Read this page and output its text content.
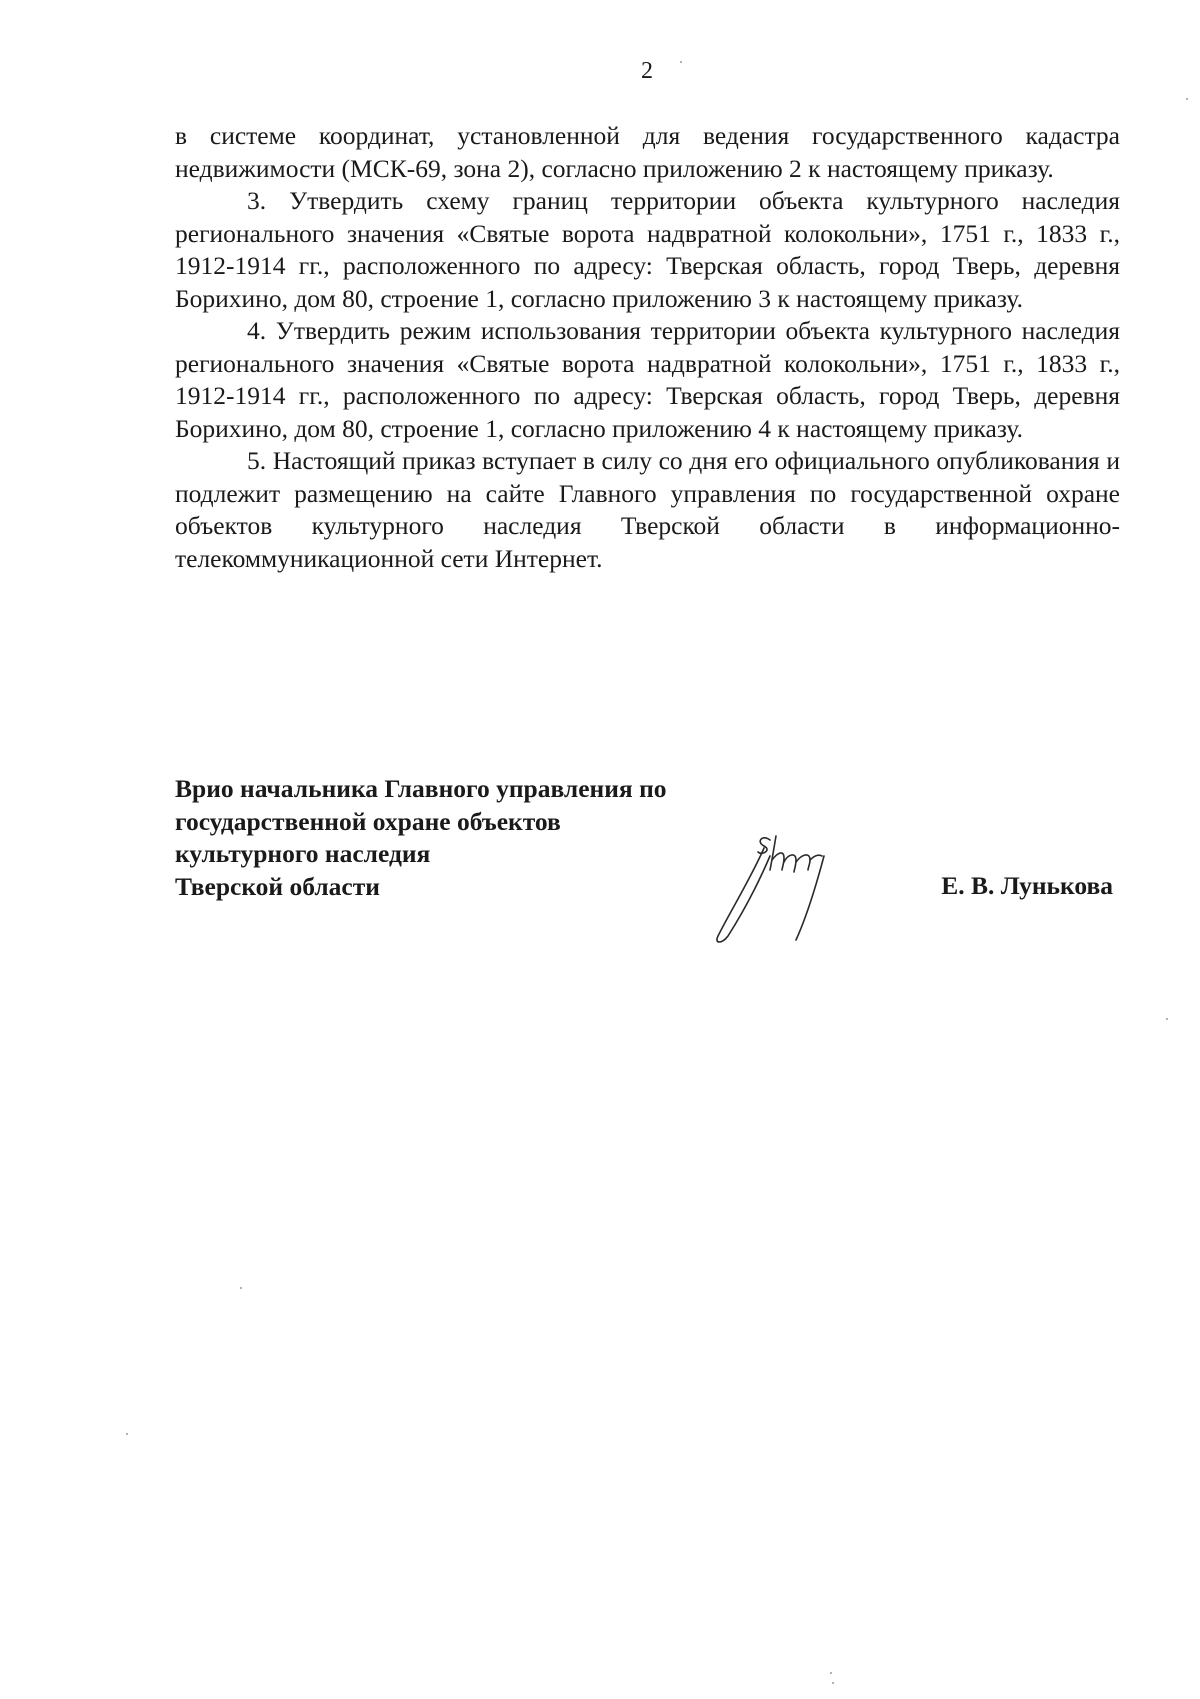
2

в системе координат, установленной для ведения государственного кадастра недвижимости (МСК-69, зона 2), согласно приложению 2 к настоящему приказу.

3. Утвердить схему границ территории объекта культурного наследия регионального значения «Святые ворота надвратной колокольни», 1751 г., 1833 г., 1912-1914 гг., расположенного по адресу: Тверская область, город Тверь, деревня Борихино, дом 80, строение 1, согласно приложению 3 к настоящему приказу.

4. Утвердить режим использования территории объекта культурного наследия регионального значения «Святые ворота надвратной колокольни», 1751 г., 1833 г., 1912-1914 гг., расположенного по адресу: Тверская область, город Тверь, деревня Борихино, дом 80, строение 1, согласно приложению 4 к настоящему приказу.

5. Настоящий приказ вступает в силу со дня его официального опубликования и подлежит размещению на сайте Главного управления по государственной охране объектов культурного наследия Тверской области в информационно-телекоммуникационной сети Интернет.

Врио начальника Главного управления по
государственной охране объектов
культурного наследия
Тверской области	Е. В. Лунькова
